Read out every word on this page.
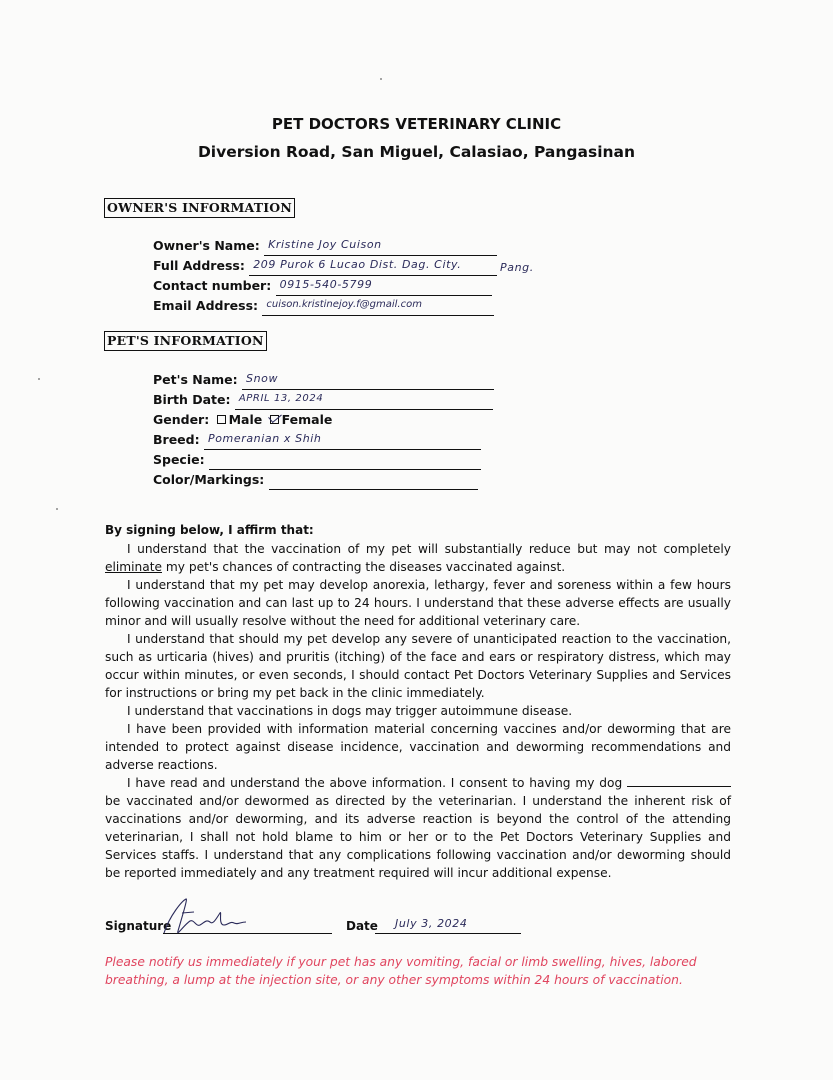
PET DOCTORS VETERINARY CLINIC
Diversion Road, San Miguel, Calasiao, Pangasinan
OWNER'S INFORMATION
Owner's Name: Kristine Joy Cuison
Full Address: 209 Purok 6 Lucao Dist. Dag. City.	Pang.
Contact number: 0915-540-5799
Email Address: cuison.kristinejoy.f@gmail.com
PET'S INFORMATION
Pet's Name: Snow
Birth Date: APRIL 13, 2024
Gender: Male Female
Breed: Pomeranian x Shih
Specie:
Color/Markings:
By signing below, I affirm that:

I understand that the vaccination of my pet will substantially reduce but may not completely eliminate my pet's chances of contracting the diseases vaccinated against.

I understand that my pet may develop anorexia, lethargy, fever and soreness within a few hours following vaccination and can last up to 24 hours. I understand that these adverse effects are usually minor and will usually resolve without the need for additional veterinary care.

I understand that should my pet develop any severe of unanticipated reaction to the vaccination, such as urticaria (hives) and pruritis (itching) of the face and ears or respiratory distress, which may occur within minutes, or even seconds, I should contact Pet Doctors Veterinary Supplies and Services for instructions or bring my pet back in the clinic immediately.

I understand that vaccinations in dogs may trigger autoimmune disease.

I have been provided with information material concerning vaccines and/or deworming that are intended to protect against disease incidence, vaccination and deworming recommendations and adverse reactions.

I have read and understand the above information. I consent to having my dog  be vaccinated and/or dewormed as directed by the veterinarian. I understand the inherent risk of vaccinations and/or deworming, and its adverse reaction is beyond the control of the attending veterinarian, I shall not hold blame to him or her or to the Pet Doctors Veterinary Supplies and Services staffs. I understand that any complications following vaccination and/or deworming should be reported immediately and any treatment required will incur additional expense.

Signature
Kristine Cuison
Date July 3, 2024
Please notify us immediately if your pet has any vomiting, facial or limb swelling, hives, labored breathing, a lump at the injection site, or any other symptoms within 24 hours of vaccination.
